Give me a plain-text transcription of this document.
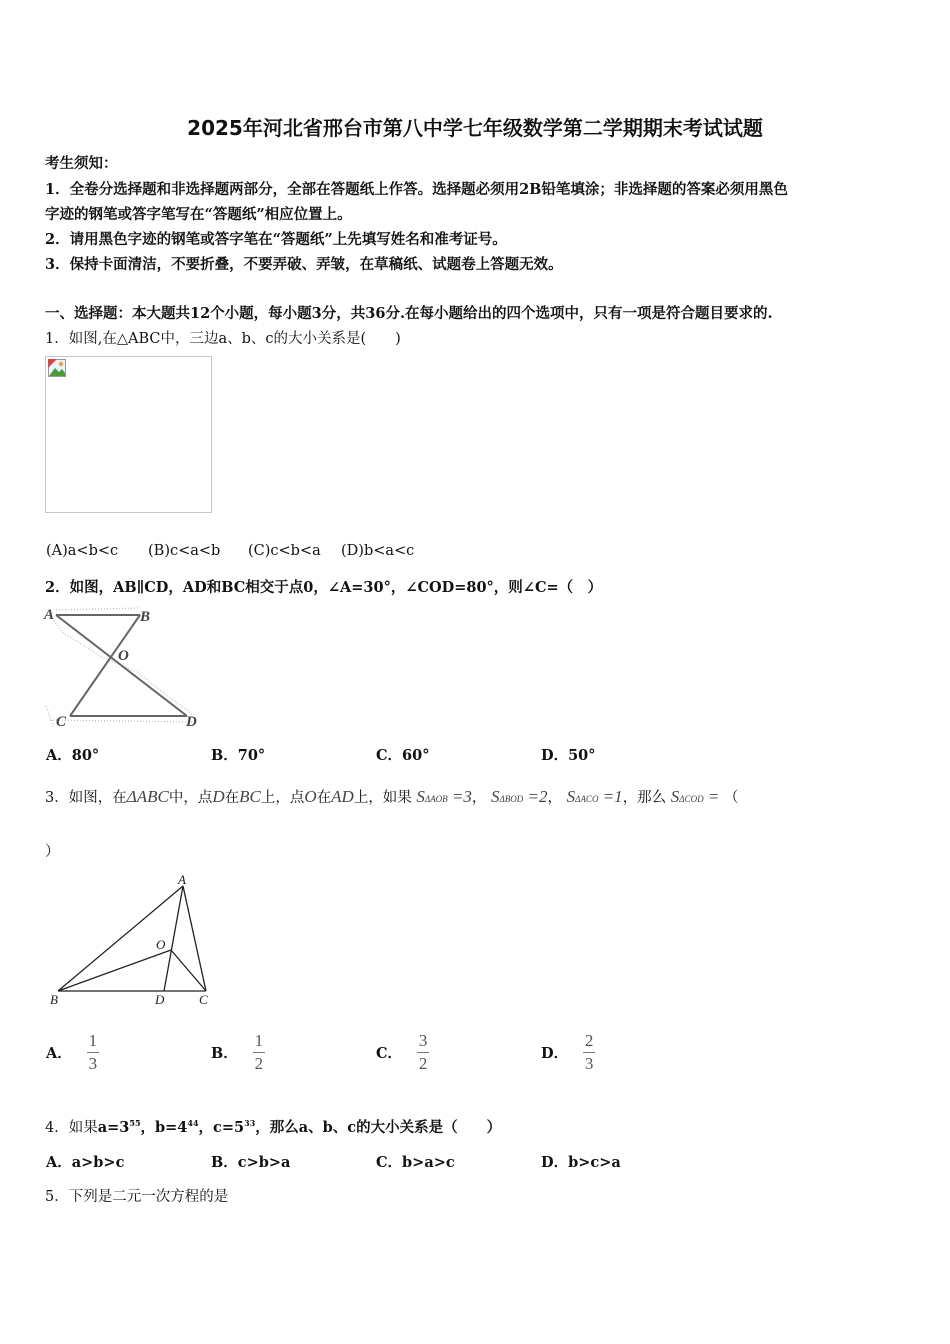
2025年河北省邢台市第八中学七年级数学第二学期期末考试试题
考生须知：
1．全卷分选择题和非选择题两部分，全部在答题纸上作答。选择题必须用2B铅笔填涂；非选择题的答案必须用黑色
字迹的钢笔或答字笔写在“答题纸”相应位置上。
2．请用黑色字迹的钢笔或答字笔在“答题纸”上先填写姓名和准考证号。
3．保持卡面清洁，不要折叠，不要弄破、弄皱，在草稿纸、试题卷上答题无效。
一、选择题：本大题共12个小题，每小题3分，共36分.在每小题给出的四个选项中，只有一项是符合题目要求的.
1．如图,在△ABC中，三边a、b、c的大小关系是(　　)
(A)a<b<c (B)c<a<b (C)c<b<a (D)b<a<c
2．如图，AB∥CD，AD和BC相交于点0，∠A=30°，∠COD=80°，则∠C=（　）
A	B
O
C	D
A．80°	B．70°	C．60°	D．50°
3．如图，在ΔABC中，点D在BC上，点O在AD上，如果 SΔAOB =3， SΔBOD =2， SΔACO =1，那么 SΔCOD = （
）
A
O
B	D	C
A． $\frac{1}{3}$	B． $\frac{1}{2}$	C． $\frac{3}{2}$	D． $\frac{2}{3}$
4．如果$a=3^{55}$，$b=4^{44}$，$c=5^{33}$，那么a、b、c的大小关系是（　　）
A．a>b>c	B．c>b>a	C．b>a>c	D．b>c>a
5．下列是二元一次方程的是
